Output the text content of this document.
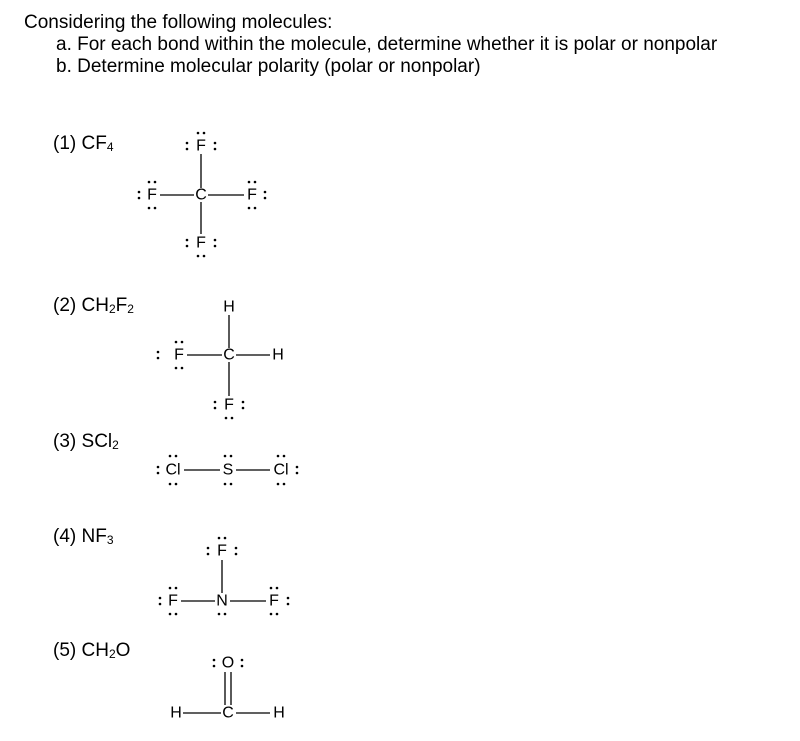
Considering the following molecules:
a. For each bond within the molecule, determine whether it is polar or nonpolar
b. Determine molecular polarity (polar or nonpolar)
(1) $CF_4$
(2) $CH_2F_2$
(3) SCl$_2$
(4) $NF_3$
(5) $CH_2O$
C
F
F	F
F
C
H
F	H
F
S
Cl	Cl
N
F
F	F
C
O
H	H
